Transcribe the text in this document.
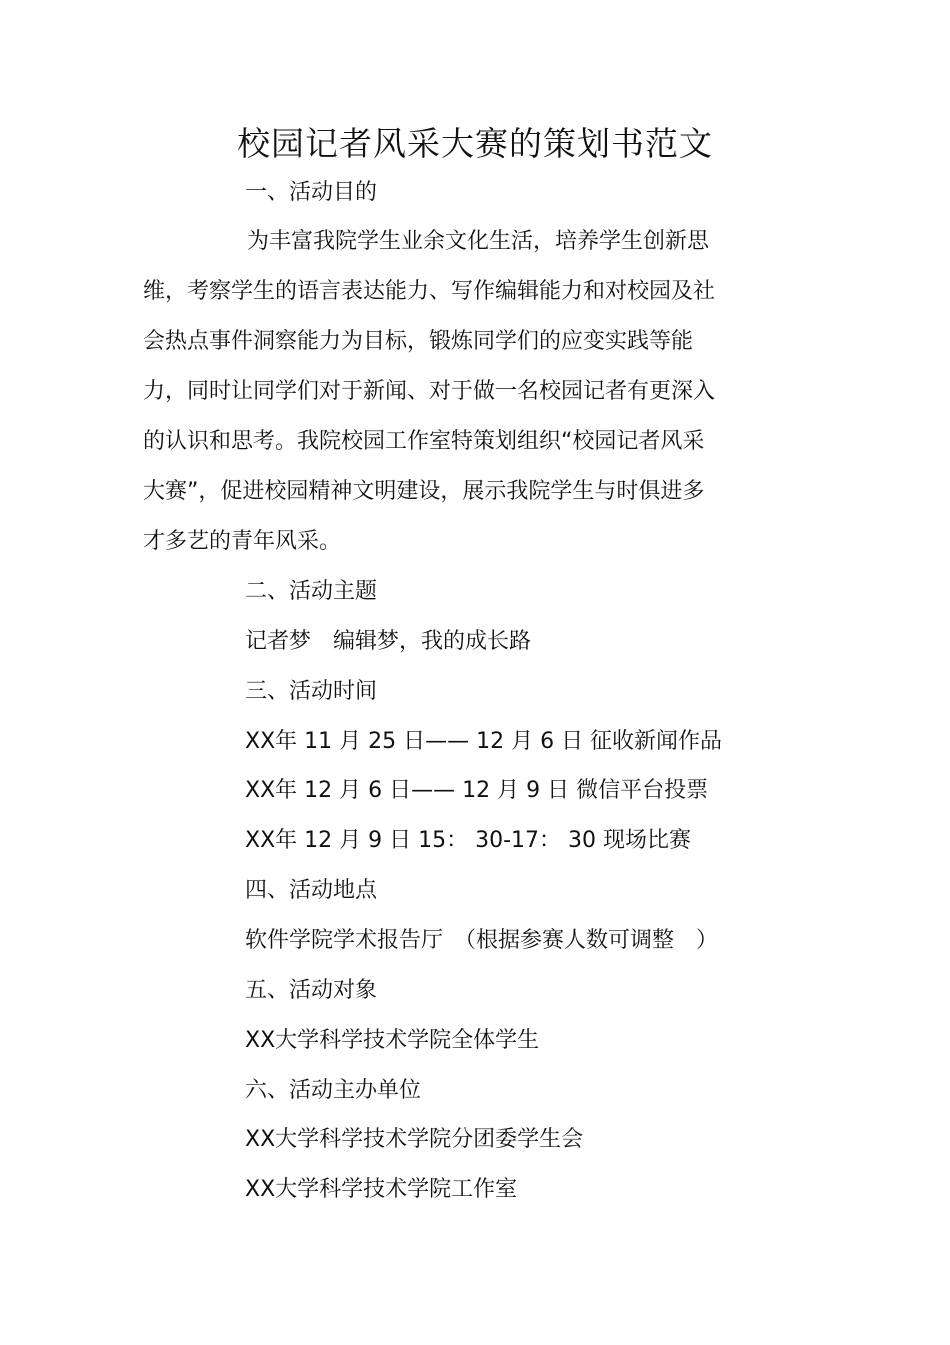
校园记者风采大赛的策划书范文
一、活动目的
为丰富我院学生业余文化生活，培养学生创新思
维，考察学生的语言表达能力、写作编辑能力和对校园及社
会热点事件洞察能力为目标，锻炼同学们的应变实践等能
力，同时让同学们对于新闻、对于做一名校园记者有更深入
的认识和思考。我院校园工作室特策划组织“校园记者风采
大赛”，促进校园精神文明建设，展示我院学生与时俱进多
才多艺的青年风采。
二、活动主题
记者梦　编辑梦，我的成长路
三、活动时间
XX年 11 月 25 日—— 12 月 6 日 征收新闻作品
XX年 12 月 6 日—— 12 月 9 日 微信平台投票
XX年 12 月 9 日 15： 30-17： 30 现场比赛
四、活动地点
软件学院学术报告厅　（根据参赛人数可调整　）
五、活动对象
XX大学科学技术学院全体学生
六、活动主办单位
XX大学科学技术学院分团委学生会
XX大学科学技术学院工作室
